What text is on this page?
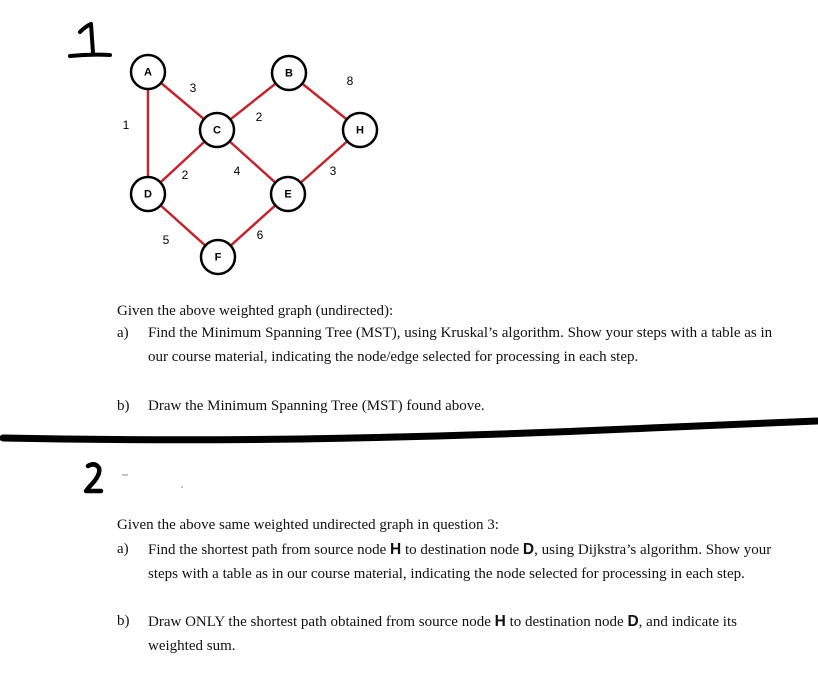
A	B
C
D	E
F
H
3
1
2
2	4
8
3
5	6
Given the above weighted graph (undirected):
a) Find the Minimum Spanning Tree (MST), using Kruskal’s algorithm. Show your steps with a table as in our course material, indicating the node/edge selected for processing in each step.
b) Draw the Minimum Spanning Tree (MST) found above.
Given the above same weighted undirected graph in question 3:
a) Find the shortest path from source node H to destination node D, using Dijkstra’s algorithm. Show your steps with a table as in our course material, indicating the node selected for processing in each step.
b) Draw ONLY the shortest path obtained from source node H to destination node D, and indicate its weighted sum.
